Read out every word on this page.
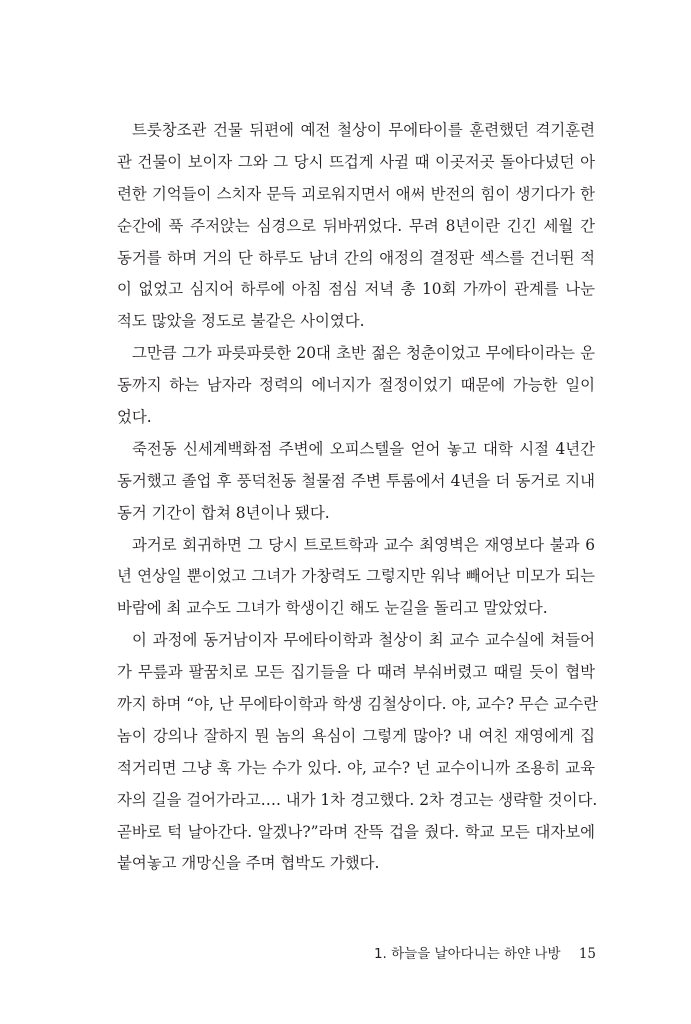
트룻창조관 건물 뒤편에 예전 철상이 무에타이를 훈련했던 격기훈련
관 건물이 보이자 그와 그 당시 뜨겁게 사귈 때 이곳저곳 돌아다녔던 아
련한 기억들이 스치자 문득 괴로워지면서 애써 반전의 힘이 생기다가 한
순간에 푹 주저앉는 심경으로 뒤바뀌었다. 무려 8년이란 긴긴 세월 간
동거를 하며 거의 단 하루도 남녀 간의 애정의 결정판 섹스를 건너뛴 적
이 없었고 심지어 하루에 아침 점심 저녁 총 10회 가까이 관계를 나눈
적도 많았을 정도로 불같은 사이였다.
그만큼 그가 파릇파릇한 20대 초반 젊은 청춘이었고 무에타이라는 운
동까지 하는 남자라 정력의 에너지가 절정이었기 때문에 가능한 일이
었다.
죽전동 신세계백화점 주변에 오피스텔을 얻어 놓고 대학 시절 4년간
동거했고 졸업 후 풍덕천동 철물점 주변 투룸에서 4년을 더 동거로 지내
동거 기간이 합쳐 8년이나 됐다.
과거로 회귀하면 그 당시 트로트학과 교수 최영벽은 재영보다 불과 6
년 연상일 뿐이었고 그녀가 가창력도 그렇지만 워낙 빼어난 미모가 되는
바람에 최 교수도 그녀가 학생이긴 해도 눈길을 돌리고 말았었다.
이 과정에 동거남이자 무에타이학과 철상이 최 교수 교수실에 쳐들어
가 무릎과 팔꿈치로 모든 집기들을 다 때려 부숴버렸고 때릴 듯이 협박
까지 하며 “야, 난 무에타이학과 학생 김철상이다. 야, 교수? 무슨 교수란
놈이 강의나 잘하지 뭔 놈의 욕심이 그렇게 많아? 내 여친 재영에게 집
적거리면 그냥 훅 가는 수가 있다. 야, 교수? 넌 교수이니까 조용히 교육
자의 길을 걸어가라고…. 내가 1차 경고했다. 2차 경고는 생략할 것이다.
곧바로 턱 날아간다. 알겠나?”라며 잔뜩 겁을 줬다. 학교 모든 대자보에
붙여놓고 개망신을 주며 협박도 가했다.
1. 하늘을 날아다니는 하얀 나방 15
